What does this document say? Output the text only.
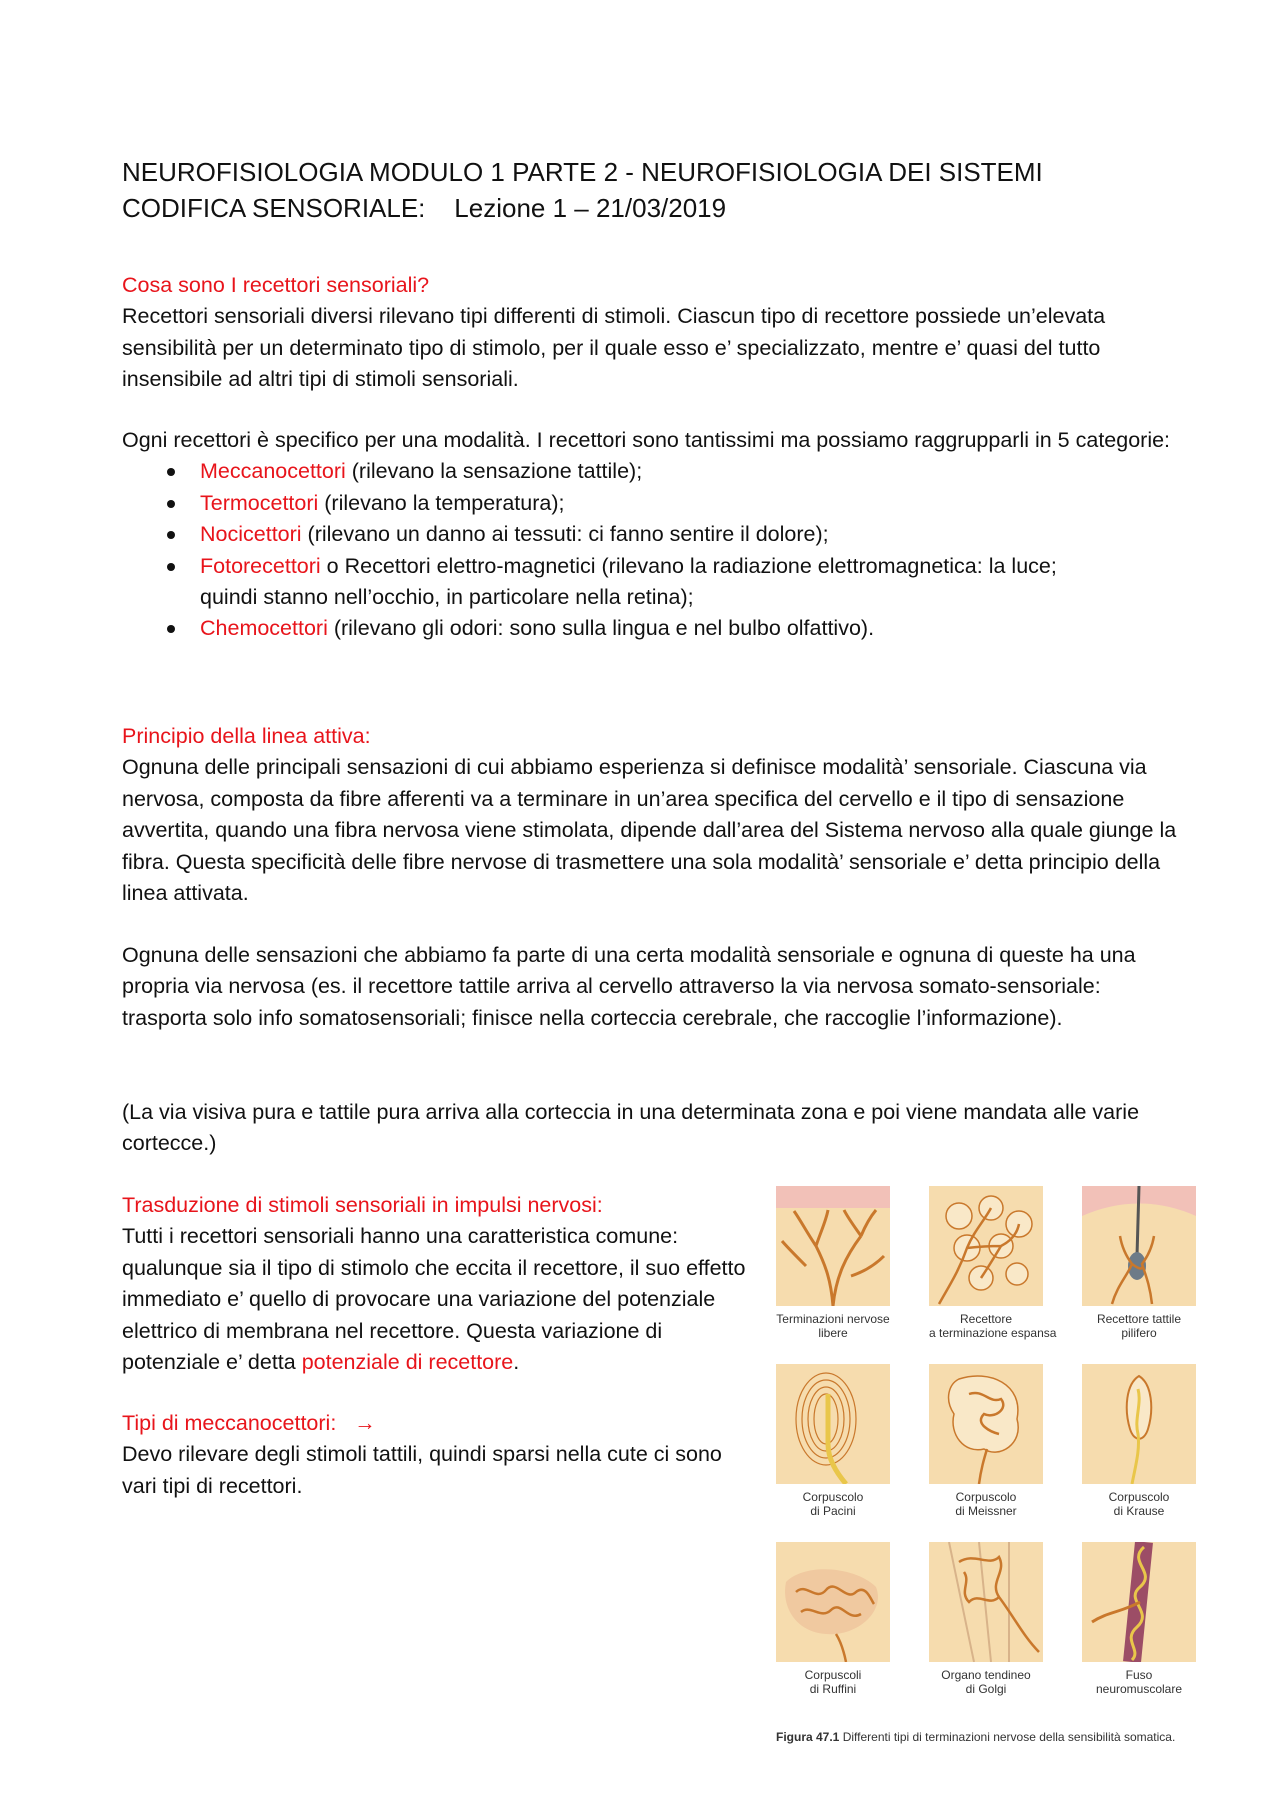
NEUROFISIOLOGIA MODULO 1 PARTE 2 - NEUROFISIOLOGIA DEI SISTEMI
CODIFICA SENSORIALE:    Lezione 1 – 21/03/2019

Cosa sono I recettori sensoriali?

Recettori sensoriali diversi rilevano tipi differenti di stimoli. Ciascun tipo di recettore possiede un’elevata sensibilità per un determinato tipo di stimolo, per il quale esso e’ specializzato, mentre e’ quasi del tutto insensibile ad altri tipi di stimoli sensoriali.

Ogni recettori è specifico per una modalità. I recettori sono tantissimi ma possiamo raggrupparli in 5 categorie:

Meccanocettori (rilevano la sensazione tattile);
Termocettori (rilevano la temperatura);
Nocicettori (rilevano un danno ai tessuti: ci fanno sentire il dolore);
Fotorecettori o Recettori elettro-magnetici (rilevano la radiazione elettromagnetica: la luce; quindi stanno nell’occhio, in particolare nella retina);
Chemocettori (rilevano gli odori: sono sulla lingua e nel bulbo olfattivo).

Principio della linea attiva:

Ognuna delle principali sensazioni di cui abbiamo esperienza si definisce modalità’ sensoriale. Ciascuna via nervosa, composta da fibre afferenti va a terminare in un’area specifica del cervello e il tipo di sensazione avvertita, quando una fibra nervosa viene stimolata, dipende dall’area del Sistema nervoso alla quale giunge la fibra. Questa specificità delle fibre nervose di trasmettere una sola modalità’ sensoriale e’ detta principio della linea attivata.

Ognuna delle sensazioni che abbiamo fa parte di una certa modalità sensoriale e ognuna di queste ha una propria via nervosa (es. il recettore tattile arriva al cervello attraverso la via nervosa somato-sensoriale: trasporta solo info somatosensoriali; finisce nella corteccia cerebrale, che raccoglie l’informazione).

(La via visiva pura e tattile pura arriva alla corteccia in una determinata zona e poi viene mandata alle varie cortecce.)

Trasduzione di stimoli sensoriali in impulsi nervosi:

Tutti i recettori sensoriali hanno una caratteristica comune: qualunque sia il tipo di stimolo che eccita il recettore, il suo effetto immediato e’ quello di provocare una variazione del potenziale elettrico di membrana nel recettore. Questa variazione di potenziale e’ detta potenziale di recettore.

Tipi di meccanocettori: →

Devo rilevare degli stimoli tattili, quindi sparsi nella cute ci sono vari tipi di recettori.

Terminazioni nervose
libere
Recettore
a terminazione espansa
Recettore tattile
pilifero
Corpuscolo
di Pacini
Corpuscolo
di Meissner
Corpuscolo
di Krause
Corpuscoli
di Ruffini
Organo tendineo
di Golgi
Fuso
neuromuscolare
Figura 47.1 Differenti tipi di terminazioni nervose della sensibilità somatica.
